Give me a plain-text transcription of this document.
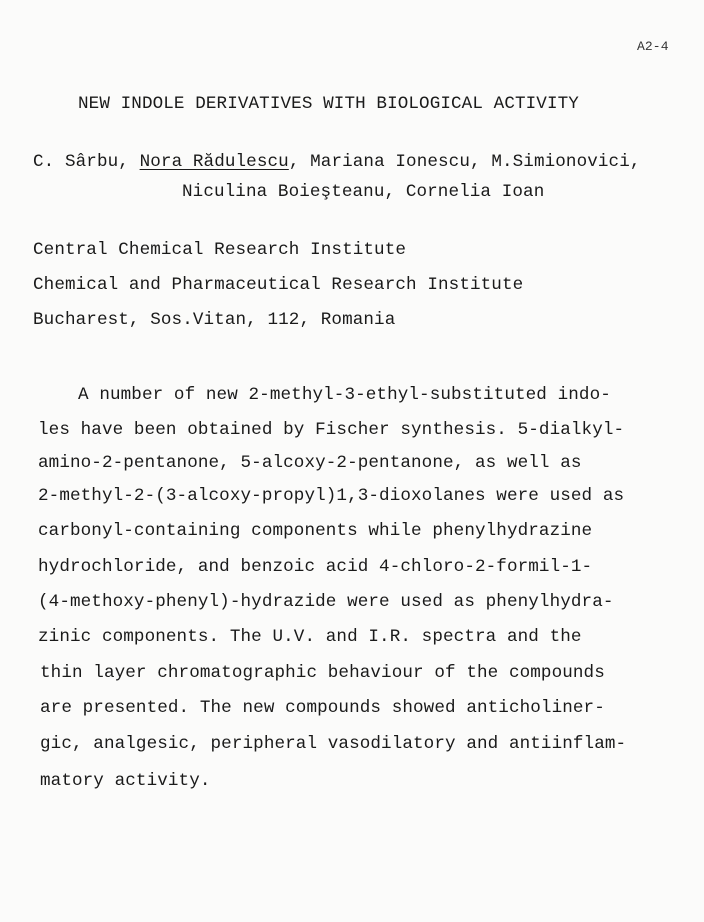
A2-4
NEW INDOLE DERIVATIVES WITH BIOLOGICAL ACTIVITY
C. Sârbu, Nora Rădulescu, Mariana Ionescu, M.Simionovici,
Niculina Boieşteanu, Cornelia Ioan
Central Chemical Research Institute
Chemical and Pharmaceutical Research Institute
Bucharest, Sos.Vitan, 112, Romania
A number of new 2-methyl-3-ethyl-substituted indo-
les have been obtained by Fischer synthesis. 5-dialkyl-
amino-2-pentanone, 5-alcoxy-2-pentanone, as well as
2-methyl-2-(3-alcoxy-propyl)1,3-dioxolanes were used as
carbonyl-containing components while phenylhydrazine
hydrochloride, and benzoic acid 4-chloro-2-formil-1-
(4-methoxy-phenyl)-hydrazide were used as phenylhydra-
zinic components. The U.V. and I.R. spectra and the
thin layer chromatographic behaviour of the compounds
are presented. The new compounds showed anticholiner-
gic, analgesic, peripheral vasodilatory and antiinflam-
matory activity.
